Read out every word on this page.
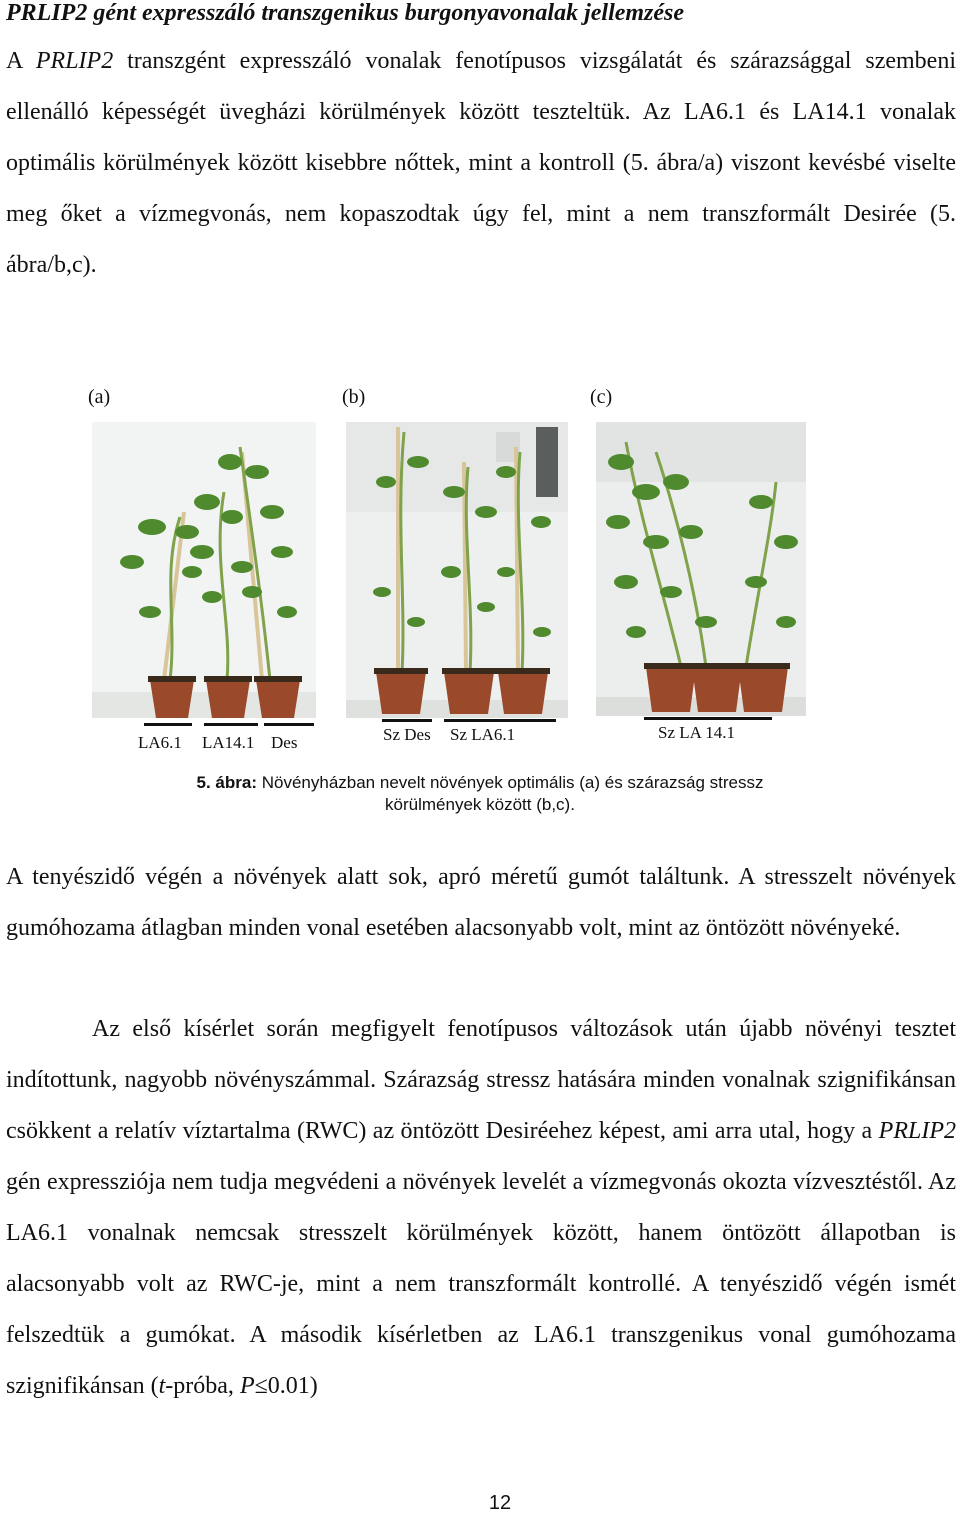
PRLIP2 gént expresszáló transzgenikus burgonyavonalak jellemzése

A PRLIP2 transzgént expresszáló vonalak fenotípusos vizsgálatát és szárazsággal szembeni ellenálló képességét üvegházi körülmények között teszteltük. Az LA6.1 és LA14.1 vonalak optimális körülmények között kisebbre nőttek, mint a kontroll (5. ábra/a) viszont kevésbé viselte meg őket a vízmegvonás, nem kopaszodtak úgy fel, mint a nem transzformált Desirée (5. ábra/b,c).

(a)	(b)	(c)
LA6.1 LA14.1 Des	Sz Des Sz LA6.1	Sz LA 14.1

5. ábra: Növényházban nevelt növények optimális (a) és szárazság stressz körülmények között (b,c).

A tenyészidő végén a növények alatt sok, apró méretű gumót találtunk. A stresszelt növények gumóhozama átlagban minden vonal esetében alacsonyabb volt, mint az öntözött növényeké.

Az első kísérlet során megfigyelt fenotípusos változások után újabb növényi tesztet indítottunk, nagyobb növényszámmal. Szárazság stressz hatására minden vonalnak szignifikánsan csökkent a relatív víztartalma (RWC) az öntözött Desiréehez képest, ami arra utal, hogy a PRLIP2 gén expressziója nem tudja megvédeni a növények levelét a vízmegvonás okozta vízvesztéstől. Az LA6.1 vonalnak nemcsak stresszelt körülmények között, hanem öntözött állapotban is alacsonyabb volt az RWC-je, mint a nem transzformált kontrollé. A tenyészidő végén ismét felszedtük a gumókat. A második kísérletben az LA6.1 transzgenikus vonal gumóhozama szignifikánsan (t-próba, P≤0.01)

12
